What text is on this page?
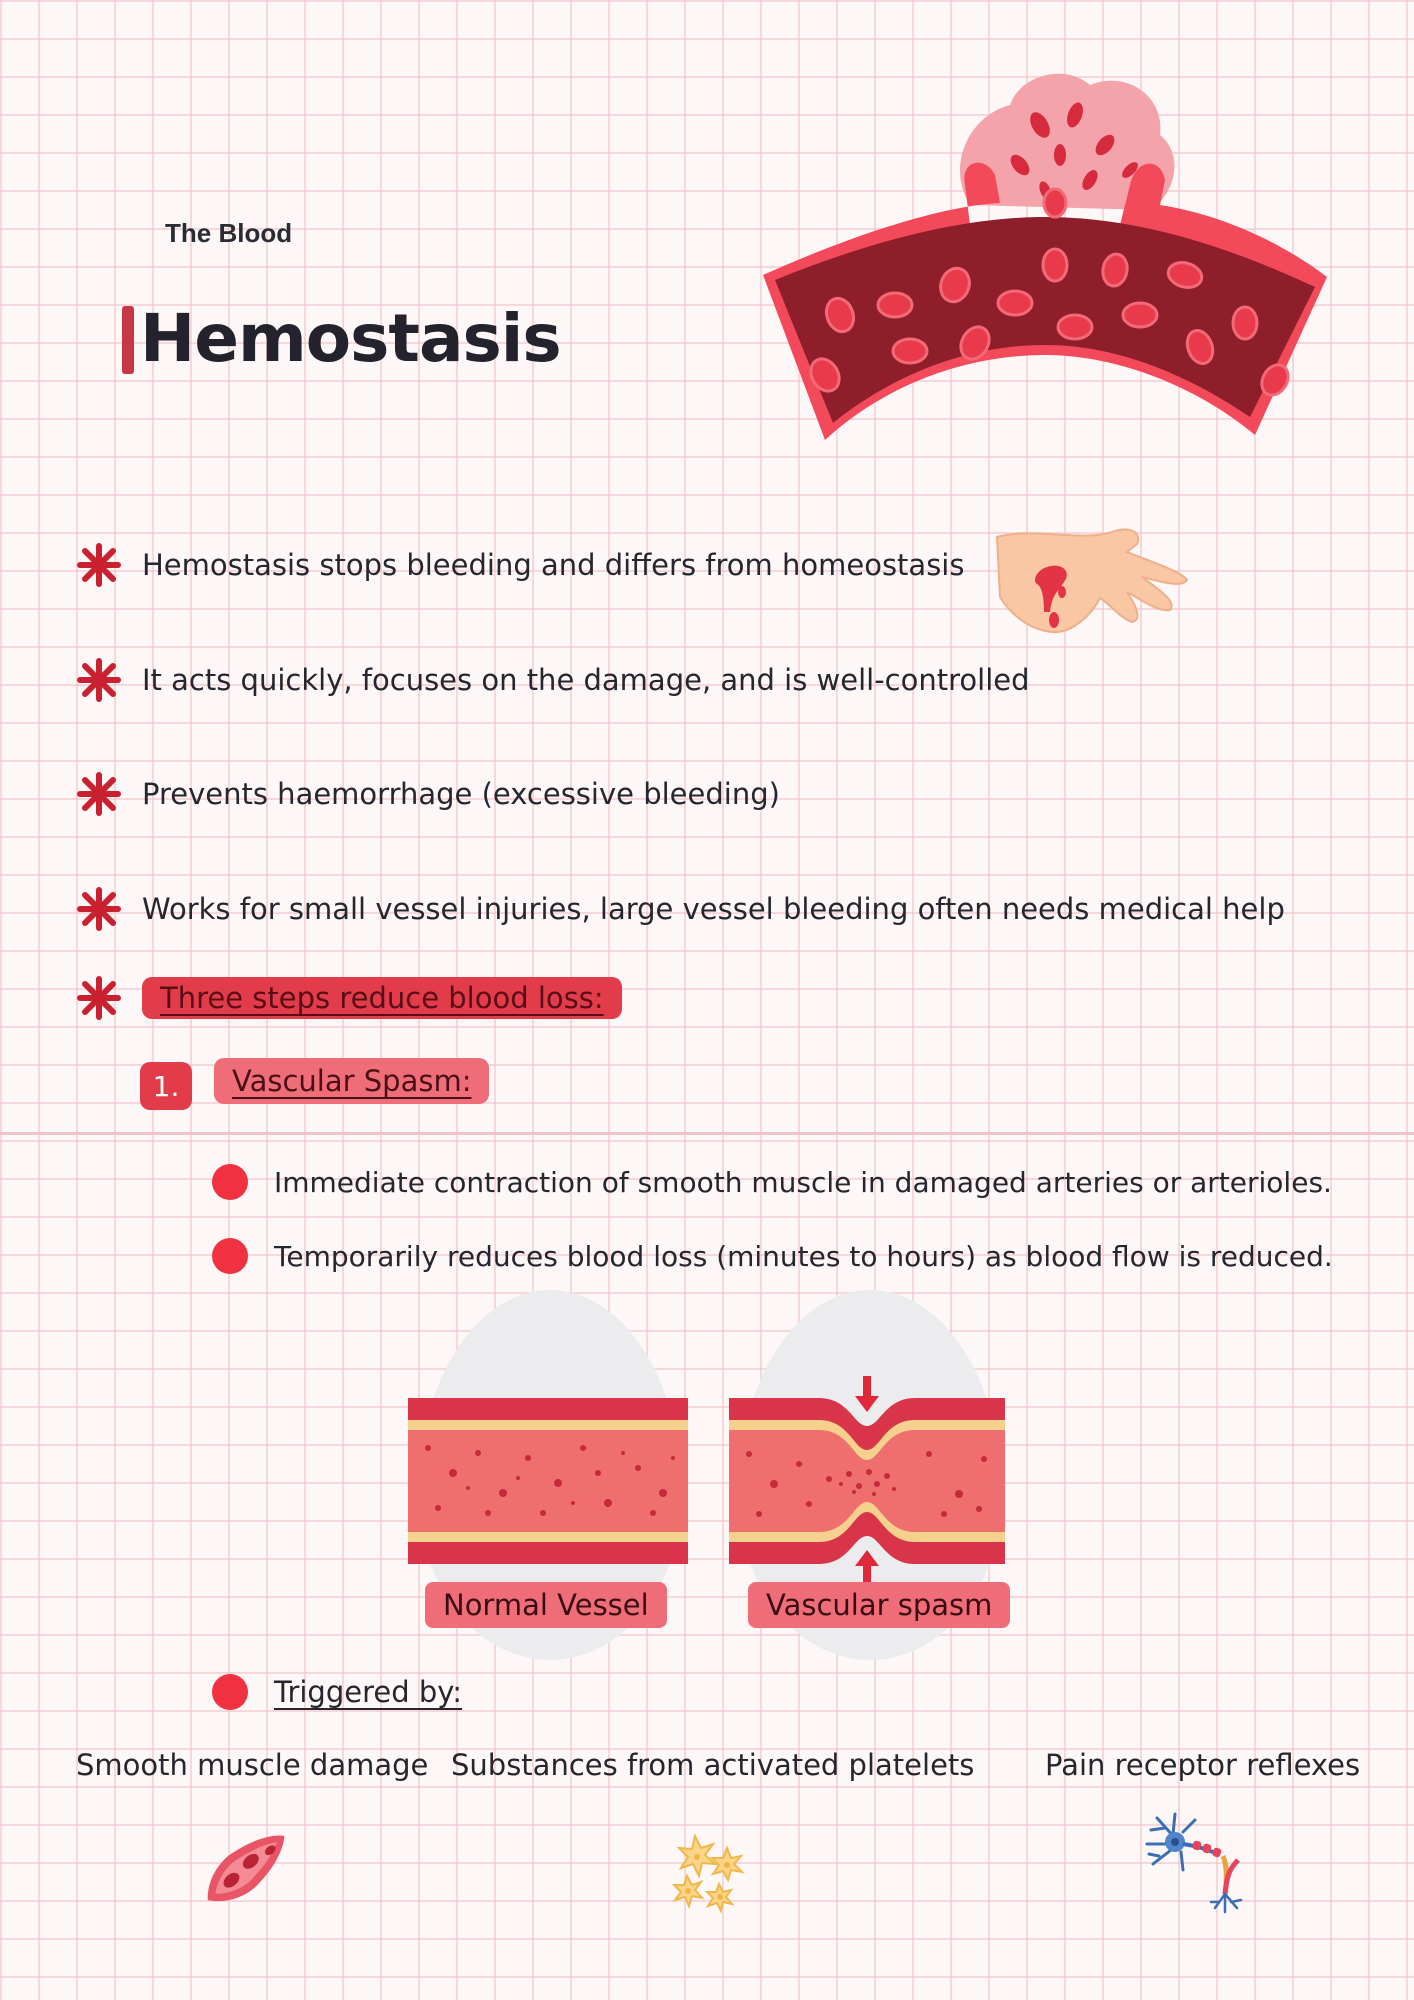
The Blood
Hemostasis
Hemostasis stops bleeding and differs from homeostasis
It acts quickly, focuses on the damage, and is well-controlled
Prevents haemorrhage (excessive bleeding)
Works for small vessel injuries, large vessel bleeding often needs medical help
Three steps reduce blood loss:
1.	Vascular Spasm:
Immediate contraction of smooth muscle in damaged arteries or arterioles.
Temporarily reduces blood loss (minutes to hours) as blood flow is reduced.
Normal Vessel	Vascular spasm
Triggered by:
Smooth muscle damage Substances from activated platelets Pain receptor reflexes
